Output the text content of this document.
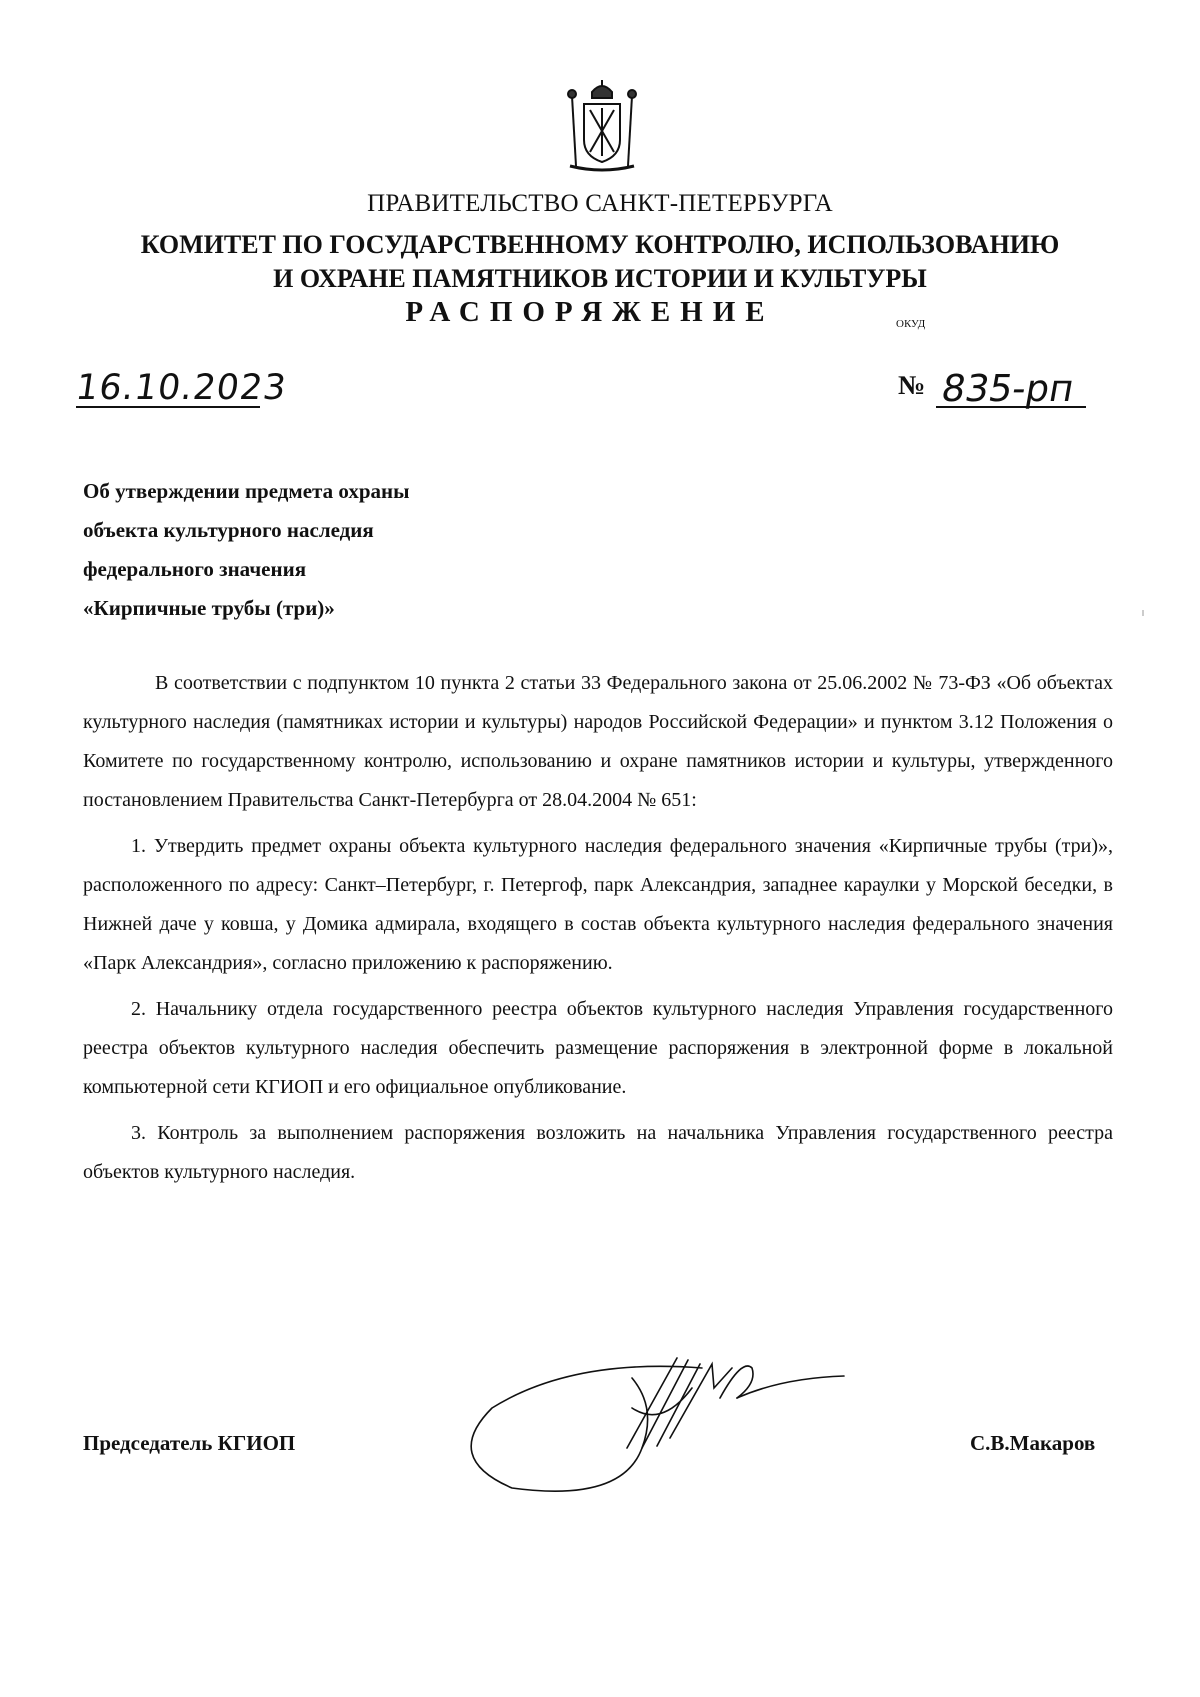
ПРАВИТЕЛЬСТВО САНКТ-ПЕТЕРБУРГА
КОМИТЕТ ПО ГОСУДАРСТВЕННОМУ КОНТРОЛЮ, ИСПОЛЬЗОВАНИЮ
И ОХРАНЕ ПАМЯТНИКОВ ИСТОРИИ И КУЛЬТУРЫ
РАСПОРЯЖЕНИЕ	ОКУД
16.10.2023	№ 835-рп
Об утверждении предмета охраны
объекта культурного наследия
федерального значения
«Кирпичные трубы (три)»

В соответствии с подпунктом 10 пункта 2 статьи 33 Федерального закона от 25.06.2002 № 73-ФЗ «Об объектах культурного наследия (памятниках истории и культуры) народов Российской Федерации» и пунктом 3.12 Положения о Комитете по государственному контролю, использованию и охране памятников истории и культуры, утвержденного постановлением Правительства Санкт-Петербурга от 28.04.2004 № 651:

1. Утвердить предмет охраны объекта культурного наследия федерального значения «Кирпичные трубы (три)», расположенного по адресу: Санкт–Петербург, г. Петергоф, парк Александрия, западнее караулки у Морской беседки, в Нижней даче у ковша, у Домика адмирала, входящего в состав объекта культурного наследия федерального значения «Парк Александрия», согласно приложению к распоряжению.

2. Начальнику отдела государственного реестра объектов культурного наследия Управления государственного реестра объектов культурного наследия обеспечить размещение распоряжения в электронной форме в локальной компьютерной сети КГИОП и его официальное опубликование.

3. Контроль за выполнением распоряжения возложить на начальника Управления государственного реестра объектов культурного наследия.

Председатель КГИОП	С.В.Макаров
